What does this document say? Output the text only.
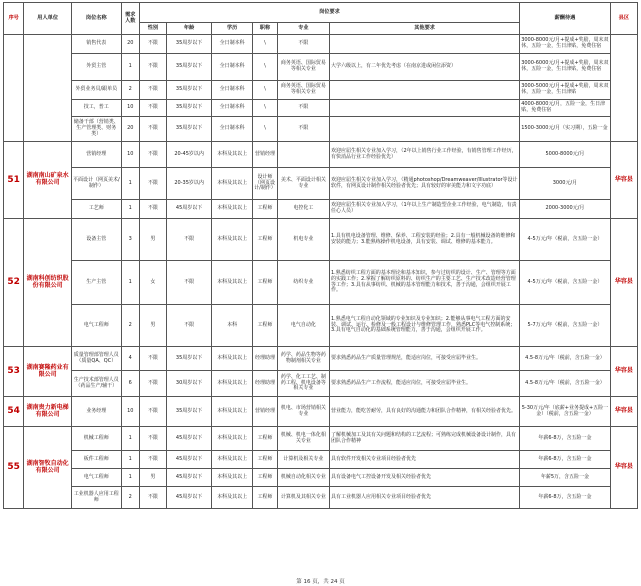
序号	用人单位	岗位名称	需求人数	岗位要求						薪酬待遇	县区
				性别	年龄	学历	职称	专业	其他要求		
		销售代表	20	不限	35周岁以下	全日制本科	\	不限		3000-8000元/月+提成+奖励，周末双休，五险一金，生日津贴，免费住宿	
		外贸主管	1	不限	35周岁以下	全日制本科	\	商务英语、国际贸易等相关专业	大学六级以上，有二年优先考虑（在南京进或闲位添资）	3000-6000元/月+提成+奖励，周末双休，五险一金，生日津贴，免费住宿	
		外贸业务员/跟单员	2	不限	35周岁以下	全日制本科	\	商务英语、国际贸易等相关专业		3000-5000元/月+提成+奖励，周末双休，五险一金，生日津贴	
		技工，普工	10	不限	35周岁以下	全日制本科	\	不限		4000-8000元/月，五险一金，生日津贴，免费住宿	
		储备干部（营销类、生产管理类、财务类）	20	不限	35周岁以下	全日制本科	\	不限		1500-3000元/月（实习期），五险一金	
51	湖南南山矿泉水有限公司	营销经理	10	不限	20-45岁以内	本科及其以上	营销经理		欢迎应届生相关专业加入学习，（2年以上销售行业工作经验，有销售管理工作经历，有快消品行业工作经验优先）	5000-8000元/月	华容县
		平面设计（网页美术/制作）	1	不限	20-35岁以内	本科及其以上	设计师（网页设计/制作）	美术、平面设计相关专业	欢迎应届生相关专业加入学习，（精通photoshop/Dreamweaver/Illustrator等设计软件，有网页设计制作相关经验者优先；具有较好的审美能力和文字功底）	3000元/月	
		工艺师	1	不限	45周岁以下	本科及其以上	工程师	电控化工	欢迎应届生相关专业加入学习，（1年以上生产制造型企业工作经验，电气制造，有责任心人员）	2000-3000元/月	
52	湖南科创纺织股份有限公司	设备主管	3	男	不限	本科及其以上	工程师	机电专业	1.具有机电设备管理、维修、保养、工程安装的经验；2.具有一般机械设备的维修和安装的能力；3.能熟练操作机电设备，具有安装、调试、维修的基本能力。	4-5万元/年（税前，含五险一金）	华容县
		生产主管	1	女	不限	本科及其以上	工程师	纺织专业	1.熟悉纺织工程方面的基本理论和基本知识，参与过纺织的设计、生产、管理等方面的实践工作；2.掌握了解纺织原料的、纺织生产的主要工艺、生产技术改造经营管理等工作；3.具有从事纺织、机械的基本管理能力和技术，善于沟通，会组织开展工作。	4-5万元/年（税前，含五险一金）	
		电气工程师	2	男	不限	本科	工程师	电气自动化	1.熟悉电气工程自动化领域的专业知识及专业知识；2.能够从事电气工程方面的安装、调试、运行、检修及一般工程设计与维修管理工作，熟悉PLC等电气控制系统；3.具有电气自动化的基础系统管理能力，善于沟通，会组织开展工作。	5-7万元/年（税前，含五险一金）	
53	湖南赛隆药业有限公司	质量管理部管理人员（质量QA、QC）	4	不限	35周岁以下	本科及其以上	经理助理	药学、药品生物等药物制剂相关专业	要求熟悉药品生产质量管理规范，能适应岗位，可接受应届毕业生。	4.5-8万元/年（税前，含五险一金）	华容县
		生产技术部管理人员（药品生产/辅干）	6	不限	30周岁以下	本科及其以上	经理助理	药学、化工工艺、制药工程、机电设备等相关专业	要求熟悉药品生产工作流程，能适应岗位，可接受应届毕业生。	4.5-8万元/年（税前，含五险一金）	
54	湖南贵力新电梯有限公司	业务经理	10	不限	35周岁以下	本科及其以上	营销经理	机电、市场营销相关专业	营业能力，能吃苦耐劳，具有良好的沟通能力和团队合作精神，有相关经验者优先。	5-30万元/年（底薪+业务提成+五险一金）（税前，含五险一金）	华容县
55	湖南智牧自动化有限公司	机械工程师	1	不限	45周岁以下	本科及其以上	工程师	机械、机电一体化相关专业	了解机械加工及其有关问题和结构的工艺流程；可熟练完成机械设备设计制作，具有团队合作精神	年薪6-8万，含五险一金	华容县
		板件工程师	1	不限	45周岁以下	本科及其以上	工程师	计算机及相关专业	具有软件开发相关专业项目经验者优先	年薪6-8万，含五险一金	
		电气工程师	1	男	45周岁以下	本科及其以上	工程师	机械自动化相关专业	具有设备电气工控设备开发及相关经验者优先	年薪5万，含五险一金	
		工业机器人应用工程师	2	不限	45周岁以下	本科及其以上	工程师	计算机及其相关专业	具有工业机器人应用相关专业项目经验者优先	年薪6-8万，含五险一金	
第 16 页，共 24 页
